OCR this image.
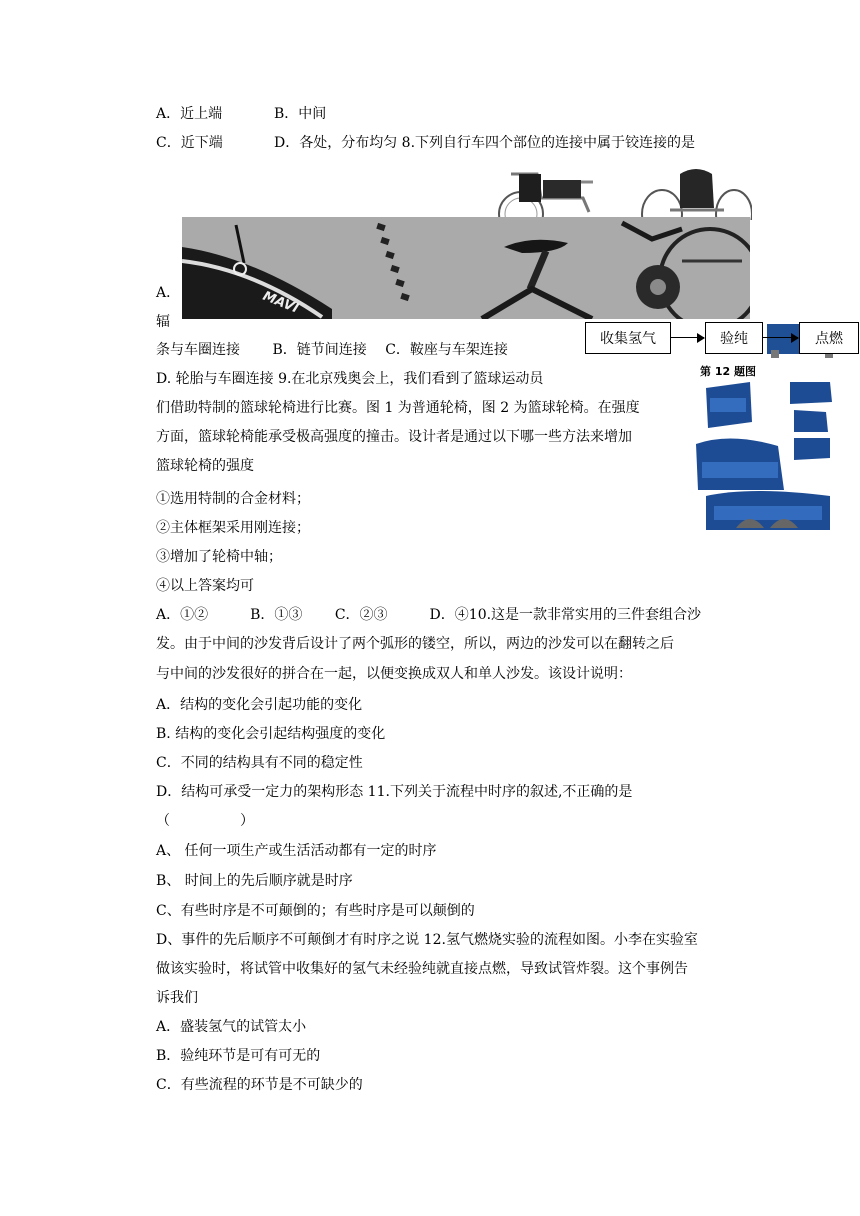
A．近上端	B．中间
C．近下端	D．各处，分布均匀 8.下列自行车四个部位的连接中属于铰连接的是
MAVI
A．
辐
条与车圈连接　　 B．链节间连接　 C．鞍座与车架连接
收集氢气	验纯	点燃
第 12 题图
D. 轮胎与车圈连接 9.在北京残奥会上，我们看到了篮球运动员
们借助特制的篮球轮椅进行比赛。图 1 为普通轮椅，图 2 为篮球轮椅。在强度
方面，篮球轮椅能承受极高强度的撞击。设计者是通过以下哪一些方法来增加
篮球轮椅的强度
①选用特制的合金材料；
②主体框架采用刚连接；
③增加了轮椅中轴；
④以上答案均可
A．①②　　　B．①③　　 C．②③　　　D．④10.这是一款非常实用的三件套组合沙
发。由于中间的沙发背后设计了两个弧形的镂空，所以，两边的沙发可以在翻转之后
与中间的沙发很好的拼合在一起，以便变换成双人和单人沙发。该设计说明：
A．结构的变化会引起功能的变化
B. 结构的变化会引起结构强度的变化
C．不同的结构具有不同的稳定性
D．结构可承受一定力的架构形态 11.下列关于流程中时序的叙述,不正确的是
（　　　　　）
A、 任何一项生产或生活活动都有一定的时序
B、 时间上的先后顺序就是时序
C、有些时序是不可颠倒的；有些时序是可以颠倒的
D、事件的先后顺序不可颠倒才有时序之说 12.氢气燃烧实验的流程如图。小李在实验室
做该实验时，将试管中收集好的氢气未经验纯就直接点燃，导致试管炸裂。这个事例告
诉我们
A．盛装氢气的试管太小
B．验纯环节是可有可无的
C．有些流程的环节是不可缺少的
